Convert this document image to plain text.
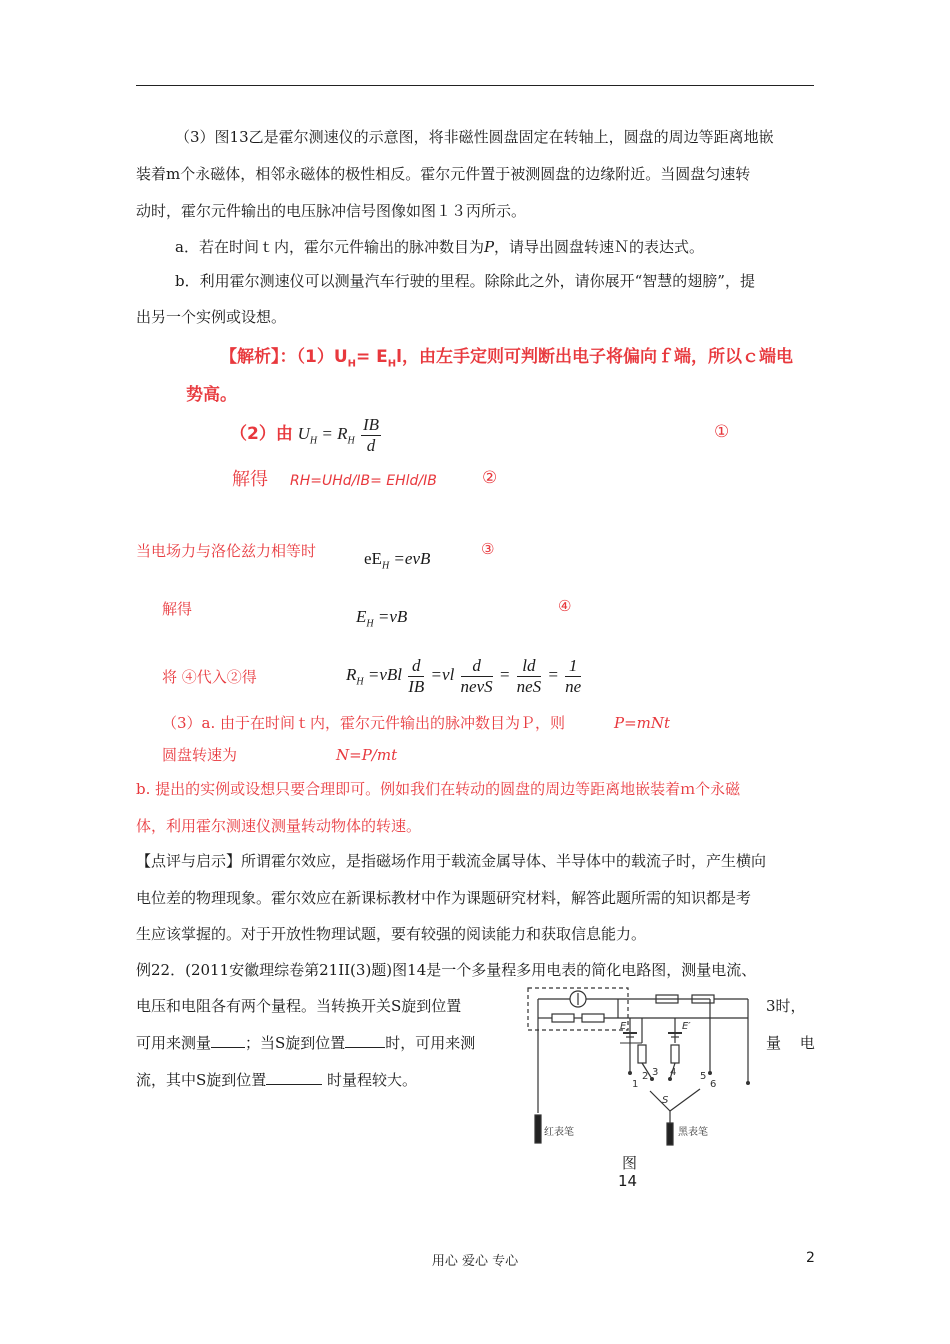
（3）图13乙是霍尔测速仪的示意图，将非磁性圆盘固定在转轴上，圆盘的周边等距离地嵌
装着m个永磁体，相邻永磁体的极性相反。霍尔元件置于被测圆盘的边缘附近。当圆盘匀速转
动时，霍尔元件输出的电压脉冲信号图像如图１３丙所示。
a．若在时间ｔ内，霍尔元件输出的脉冲数目为P，请导出圆盘转速Ｎ的表达式。
b．利用霍尔测速仪可以测量汽车行驶的里程。除除此之外，请你展开“智慧的翅膀”，提
出另一个实例或设想。
【解析】：$(1)U_H= E_Hl$，由左手定则可判断出电子将偏向ｆ端，所以ｃ端电
势高。
（2）由 $U_H = R_H \frac{IB}{d}$	①
解得 RH=UHd/IB= EHld/IB	②
当电场力与洛伦兹力相等时	$eE_H =evB$	③
解得	$E_H =vB$
④
将 ④代入②得	$R_H =vBl \frac{d}{IB} =vl \frac{d}{\text{nevS}} = \frac{ld}{\text{neS}} = \frac{1}{ne}$
（3）a. 由于在时间ｔ内，霍尔元件输出的脉冲数目为Ｐ，则	P=mNt
圆盘转速为	N=P/mt
b. 提出的实例或设想只要合理即可。例如我们在转动的圆盘的周边等距离地嵌装着ｍ个永磁
体，利用霍尔测速仪测量转动物体的转速。
【点评与启示】所谓霍尔效应，是指磁场作用于载流金属导体、半导体中的载流子时，产生横向
电位差的物理现象。霍尔效应在新课标教材中作为课题研究材料，解答此题所需的知识都是考
生应该掌握的。对于开放性物理试题，要有较强的阅读能力和获取信息能力。
例22．(2011安徽理综卷第21II(3)题)图14是一个多量程多用电表的简化电路图，测量电流、
电压和电阻各有两个量程。当转换开关S旋到位置	3时，
可用来测量 ；当S旋到位置	时，可用来测	量 电
流，其中S旋到位置	时量程较大。
E	E′
1
2 3 4 5
6
S
红表笔	黑表笔
图
14
用心 爱心 专心	2
